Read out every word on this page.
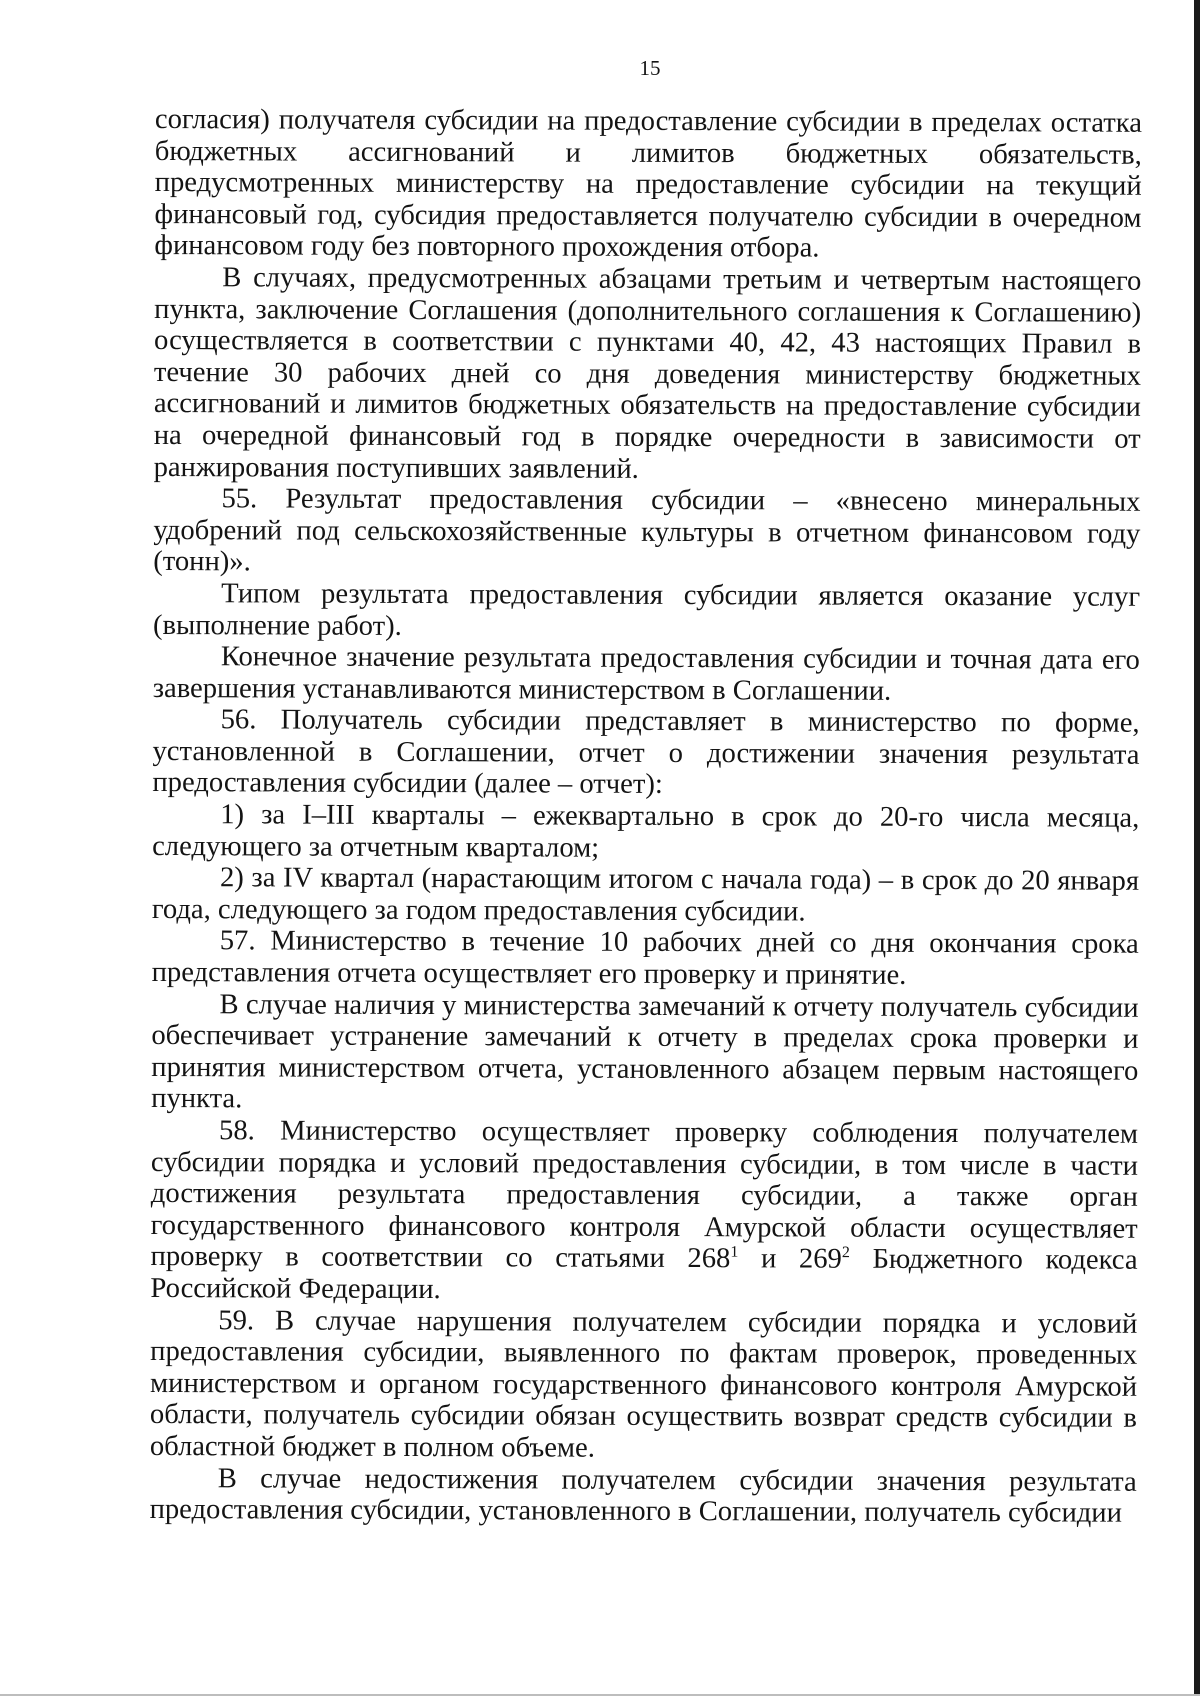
15

согласия) получателя субсидии на предоставление субсидии в пределах остатка бюджетных ассигнований и лимитов бюджетных обязательств, предусмотренных министерству на предоставление субсидии на текущий финансовый год, субсидия предоставляется получателю субсидии в очередном финансовом году без повторного прохождения отбора.

В случаях, предусмотренных абзацами третьим и четвертым настоящего пункта, заключение Соглашения (дополнительного соглашения к Соглашению) осуществляется в соответствии с пунктами 40, 42, 43 настоящих Правил в течение 30 рабочих дней со дня доведения министерству бюджетных ассигнований и лимитов бюджетных обязательств на предоставление субсидии на очередной финансовый год в порядке очередности в зависимости от ранжирования поступивших заявлений.

55. Результат предоставления субсидии – «внесено минеральных удобрений под сельскохозяйственные культуры в отчетном финансовом году (тонн)».

Типом результата предоставления субсидии является оказание услуг (выполнение работ).

Конечное значение результата предоставления субсидии и точная дата его завершения устанавливаются министерством в Соглашении.

56. Получатель субсидии представляет в министерство по форме, установленной в Соглашении, отчет о достижении значения результата предоставления субсидии (далее – отчет):

1) за I–III кварталы – ежеквартально в срок до 20-го числа месяца, следующего за отчетным кварталом;

2) за IV квартал (нарастающим итогом с начала года) – в срок до 20 января года, следующего за годом предоставления субсидии.

57. Министерство в течение 10 рабочих дней со дня окончания срока представления отчета осуществляет его проверку и принятие.

В случае наличия у министерства замечаний к отчету получатель субсидии обеспечивает устранение замечаний к отчету в пределах срока проверки и принятия министерством отчета, установленного абзацем первым настоящего пункта.

58. Министерство осуществляет проверку соблюдения получателем субсидии порядка и условий предоставления субсидии, в том числе в части достижения результата предоставления субсидии, а также орган государственного финансового контроля Амурской области осуществляет проверку в соответствии со статьями $268^1$ и $269^2$ Бюджетного кодекса Российской Федерации.

59. В случае нарушения получателем субсидии порядка и условий предоставления субсидии, выявленного по фактам проверок, проведенных министерством и органом государственного финансового контроля Амурской области, получатель субсидии обязан осуществить возврат средств субсидии в областной бюджет в полном объеме.

В случае недостижения получателем субсидии значения результата предоставления субсидии, установленного в Соглашении, получатель субсидии
